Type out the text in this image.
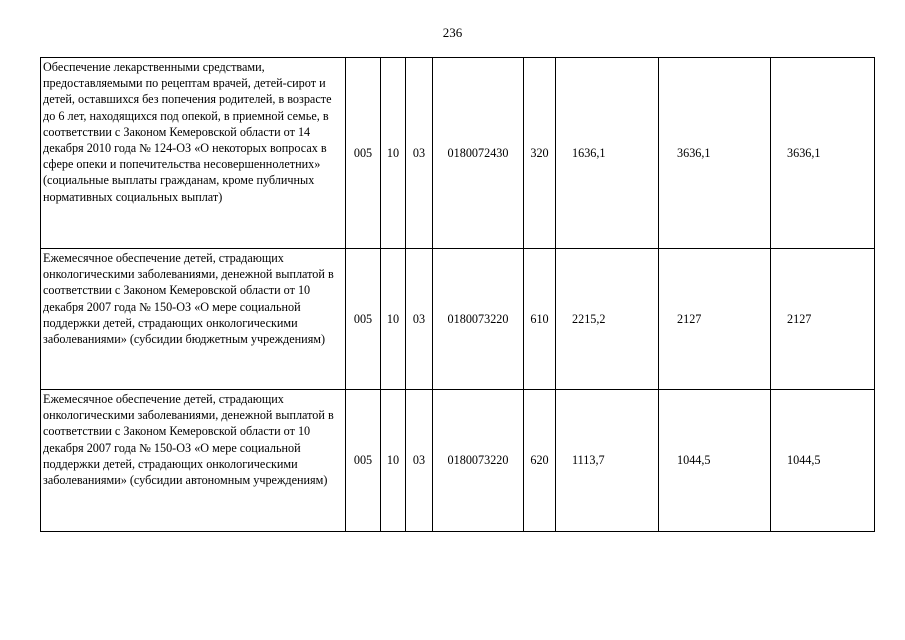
236
Обеспечение лекарственными средствами, предоставляемыми по рецептам врачей, детей-сирот и детей, оставшихся без попечения родителей, в возрасте до 6 лет, находящихся под опекой, в приемной семье, в соответствии с Законом Кемеровской области от 14 декабря 2010 года № 124-ОЗ «О некоторых вопросах в сфере опеки и попечительства несовершеннолетних» (социальные выплаты гражданам, кроме публичных нормативных социальных выплат)	005	10	03	0180072430	320	1636,1	3636,1	3636,1
Ежемесячное обеспечение детей, страдающих онкологическими заболеваниями, денежной выплатой в соответствии с Законом Кемеровской области от 10 декабря 2007 года № 150-ОЗ «О мере социальной поддержки детей, страдающих онкологическими заболеваниями» (субсидии бюджетным учреждениям)	005	10	03	0180073220	610	2215,2	2127	2127
Ежемесячное обеспечение детей, страдающих онкологическими заболеваниями, денежной выплатой в соответствии с Законом Кемеровской области от 10 декабря 2007 года № 150-ОЗ «О мере социальной поддержки детей, страдающих онкологическими заболеваниями» (субсидии автономным учреждениям)	005	10	03	0180073220	620	1113,7	1044,5	1044,5
